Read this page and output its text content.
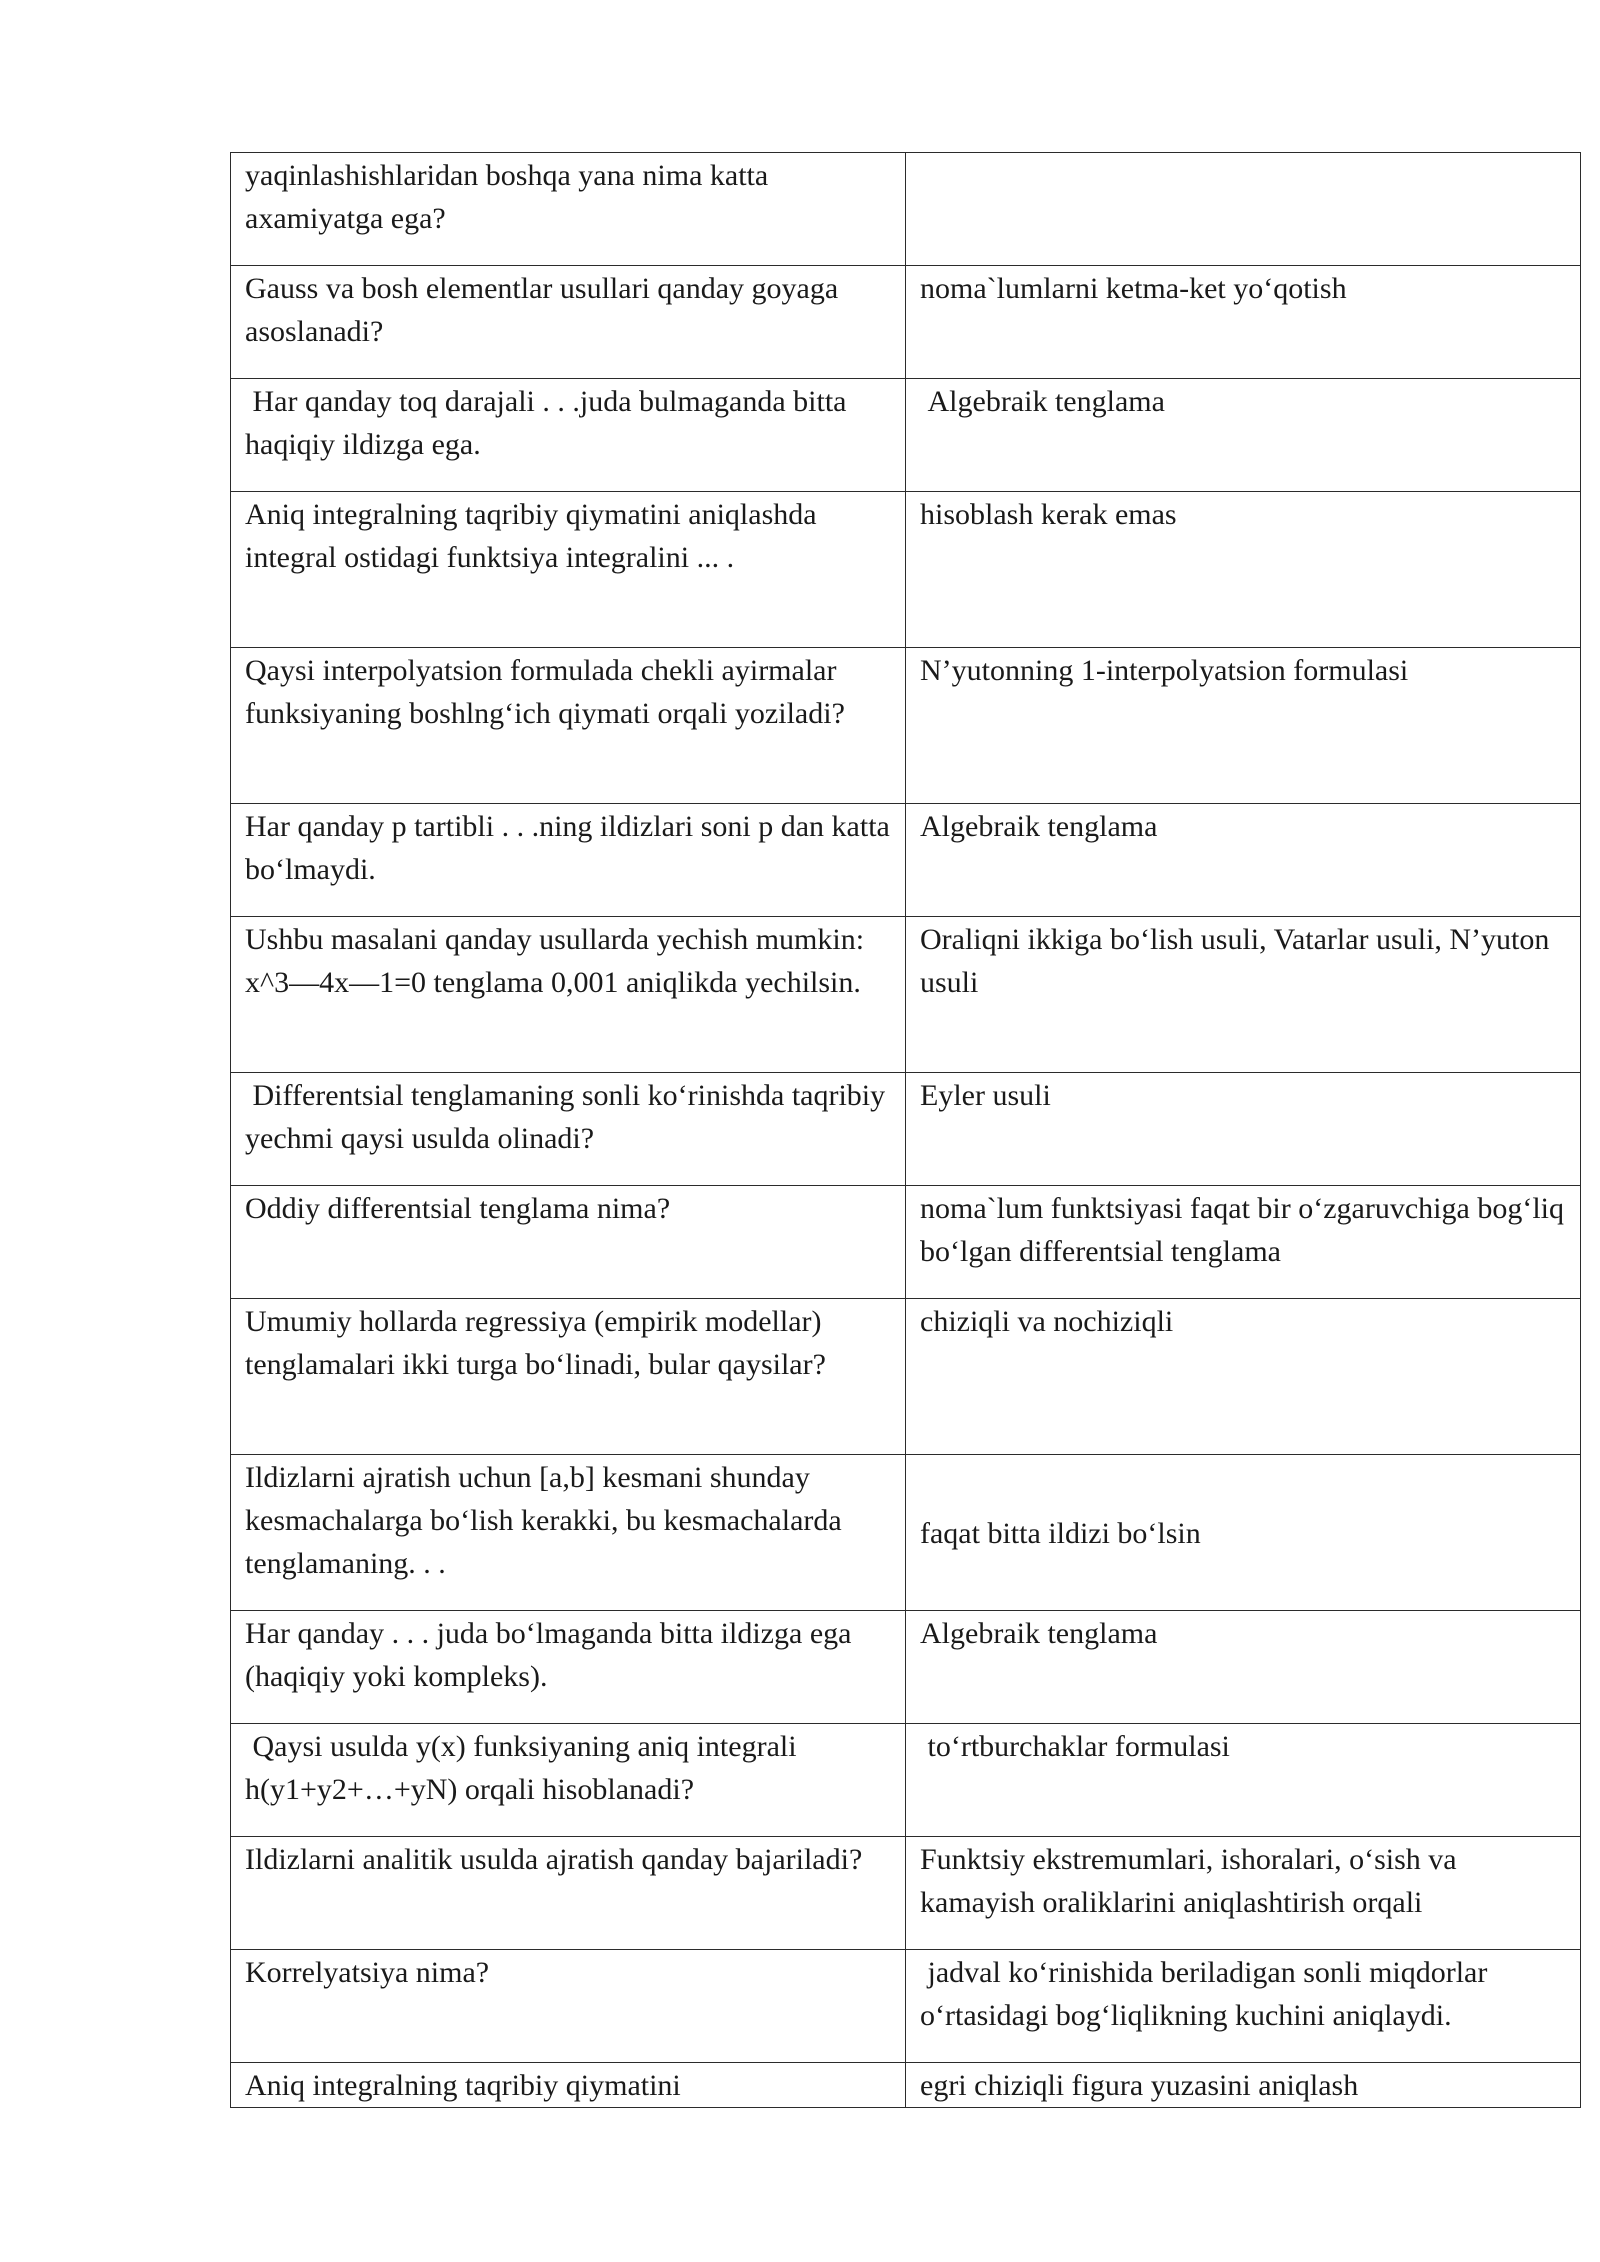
yaqinlashishlaridan boshqa yana nima katta axamiyatga ega?	
Gauss va bosh elementlar usullari qanday goyaga asoslanadi?	noma`lumlarni ketma-ket yo‘qotish
Har qanday toq darajali . . .juda bulmaganda bitta haqiqiy ildizga ega.	Algebraik tenglama
Aniq integralning taqribiy qiymatini aniqlashda integral ostidagi funktsiya integralini ... .	hisoblash kerak emas
Qaysi interpolyatsion formulada chekli ayirmalar funksiyaning boshlng‘ich qiymati orqali yoziladi?	N’yutonning 1-interpolyatsion formulasi
Har qanday p tartibli . . .ning ildizlari soni p dan katta bo‘lmaydi.	Algebraik tenglama
Ushbu masalani qanday usullarda yechish mumkin: x^3—4x—1=0 tenglama 0,001 aniqlikda yechilsin.	Oraliqni ikkiga bo‘lish usuli, Vatarlar usuli, N’yuton usuli
Differentsial tenglamaning sonli ko‘rinishda taqribiy yechmi qaysi usulda olinadi?	Eyler usuli
Oddiy differentsial tenglama nima?	noma`lum funktsiyasi faqat bir o‘zgaruvchiga bog‘liq bo‘lgan differentsial tenglama
Umumiy hollarda regressiya (empirik modellar) tenglamalari ikki turga bo‘linadi, bular qaysilar?	chiziqli va nochiziqli
Ildizlarni ajratish uchun [a,b] kesmani shunday kesmachalarga bo‘lish kerakki, bu kesmachalarda tenglamaning. . .	faqat bitta ildizi bo‘lsin
Har qanday . . . juda bo‘lmaganda bitta ildizga ega (haqiqiy yoki kompleks).	Algebraik tenglama
Qaysi usulda y(x) funksiyaning aniq integrali h(y1+y2+…+yN) orqali hisoblanadi?	to‘rtburchaklar formulasi
Ildizlarni analitik usulda ajratish qanday bajariladi?	Funktsiy ekstremumlari, ishoralari, o‘sish va kamayish oraliklarini aniqlashtirish orqali
Korrelyatsiya nima?	jadval ko‘rinishida beriladigan sonli miqdorlar o‘rtasidagi bog‘liqlikning kuchini aniqlaydi.
Aniq integralning taqribiy qiymatini	egri chiziqli figura yuzasini aniqlash
